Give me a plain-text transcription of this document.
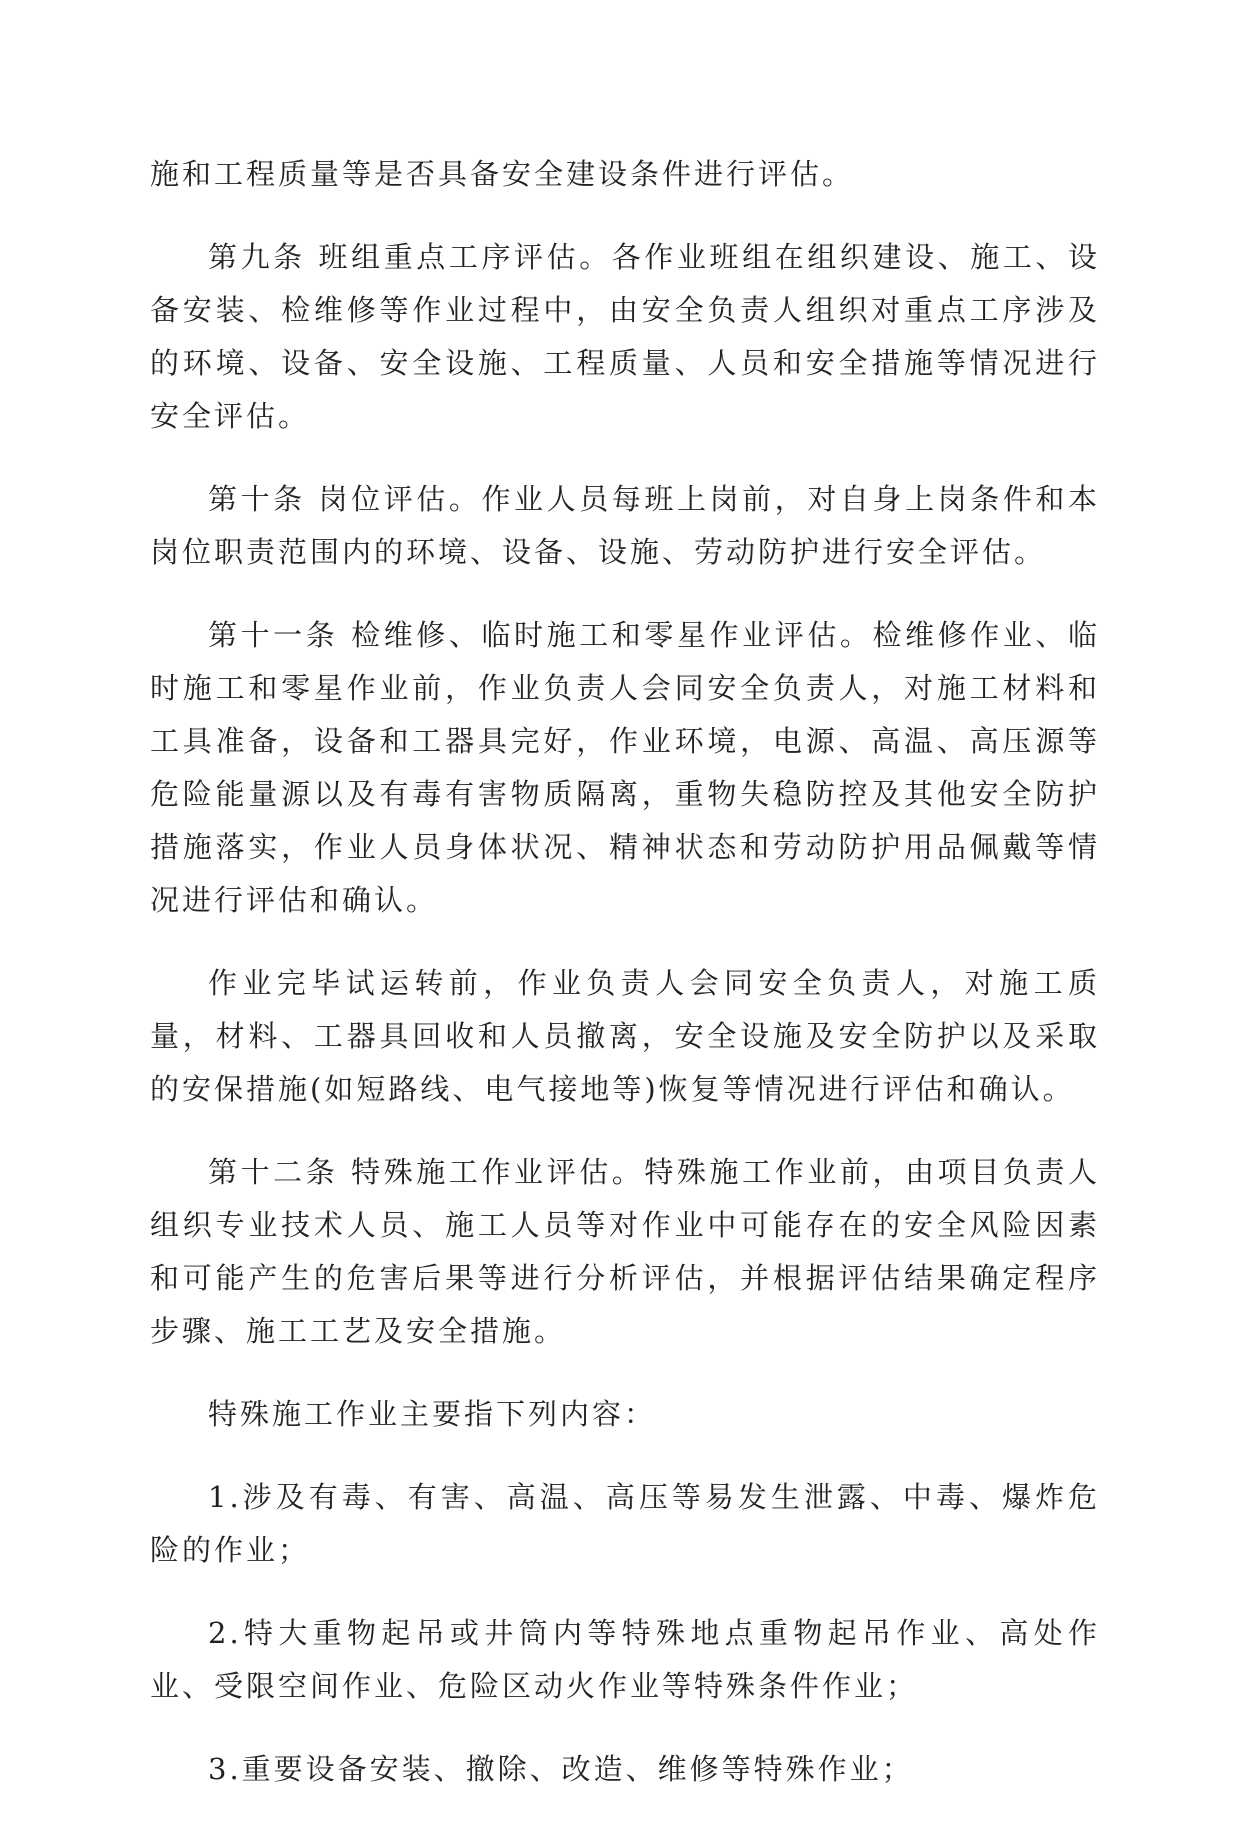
施和工程质量等是否具备安全建设条件进行评估。

第九条 班组重点工序评估。各作业班组在组织建设、施工、设备安装、检维修等作业过程中，由安全负责人组织对重点工序涉及的环境、设备、安全设施、工程质量、人员和安全措施等情况进行安全评估。

第十条 岗位评估。作业人员每班上岗前，对自身上岗条件和本岗位职责范围内的环境、设备、设施、劳动防护进行安全评估。

第十一条 检维修、临时施工和零星作业评估。检维修作业、临时施工和零星作业前，作业负责人会同安全负责人，对施工材料和工具准备，设备和工器具完好，作业环境，电源、高温、高压源等危险能量源以及有毒有害物质隔离，重物失稳防控及其他安全防护措施落实，作业人员身体状况、精神状态和劳动防护用品佩戴等情况进行评估和确认。

作业完毕试运转前，作业负责人会同安全负责人，对施工质量，材料、工器具回收和人员撤离，安全设施及安全防护以及采取的安保措施(如短路线、电气接地等)恢复等情况进行评估和确认。

第十二条 特殊施工作业评估。特殊施工作业前，由项目负责人组织专业技术人员、施工人员等对作业中可能存在的安全风险因素和可能产生的危害后果等进行分析评估，并根据评估结果确定程序步骤、施工工艺及安全措施。

特殊施工作业主要指下列内容：

1.涉及有毒、有害、高温、高压等易发生泄露、中毒、爆炸危险的作业；

2.特大重物起吊或井筒内等特殊地点重物起吊作业、高处作业、受限空间作业、危险区动火作业等特殊条件作业；

3.重要设备安装、撤除、改造、维修等特殊作业；
